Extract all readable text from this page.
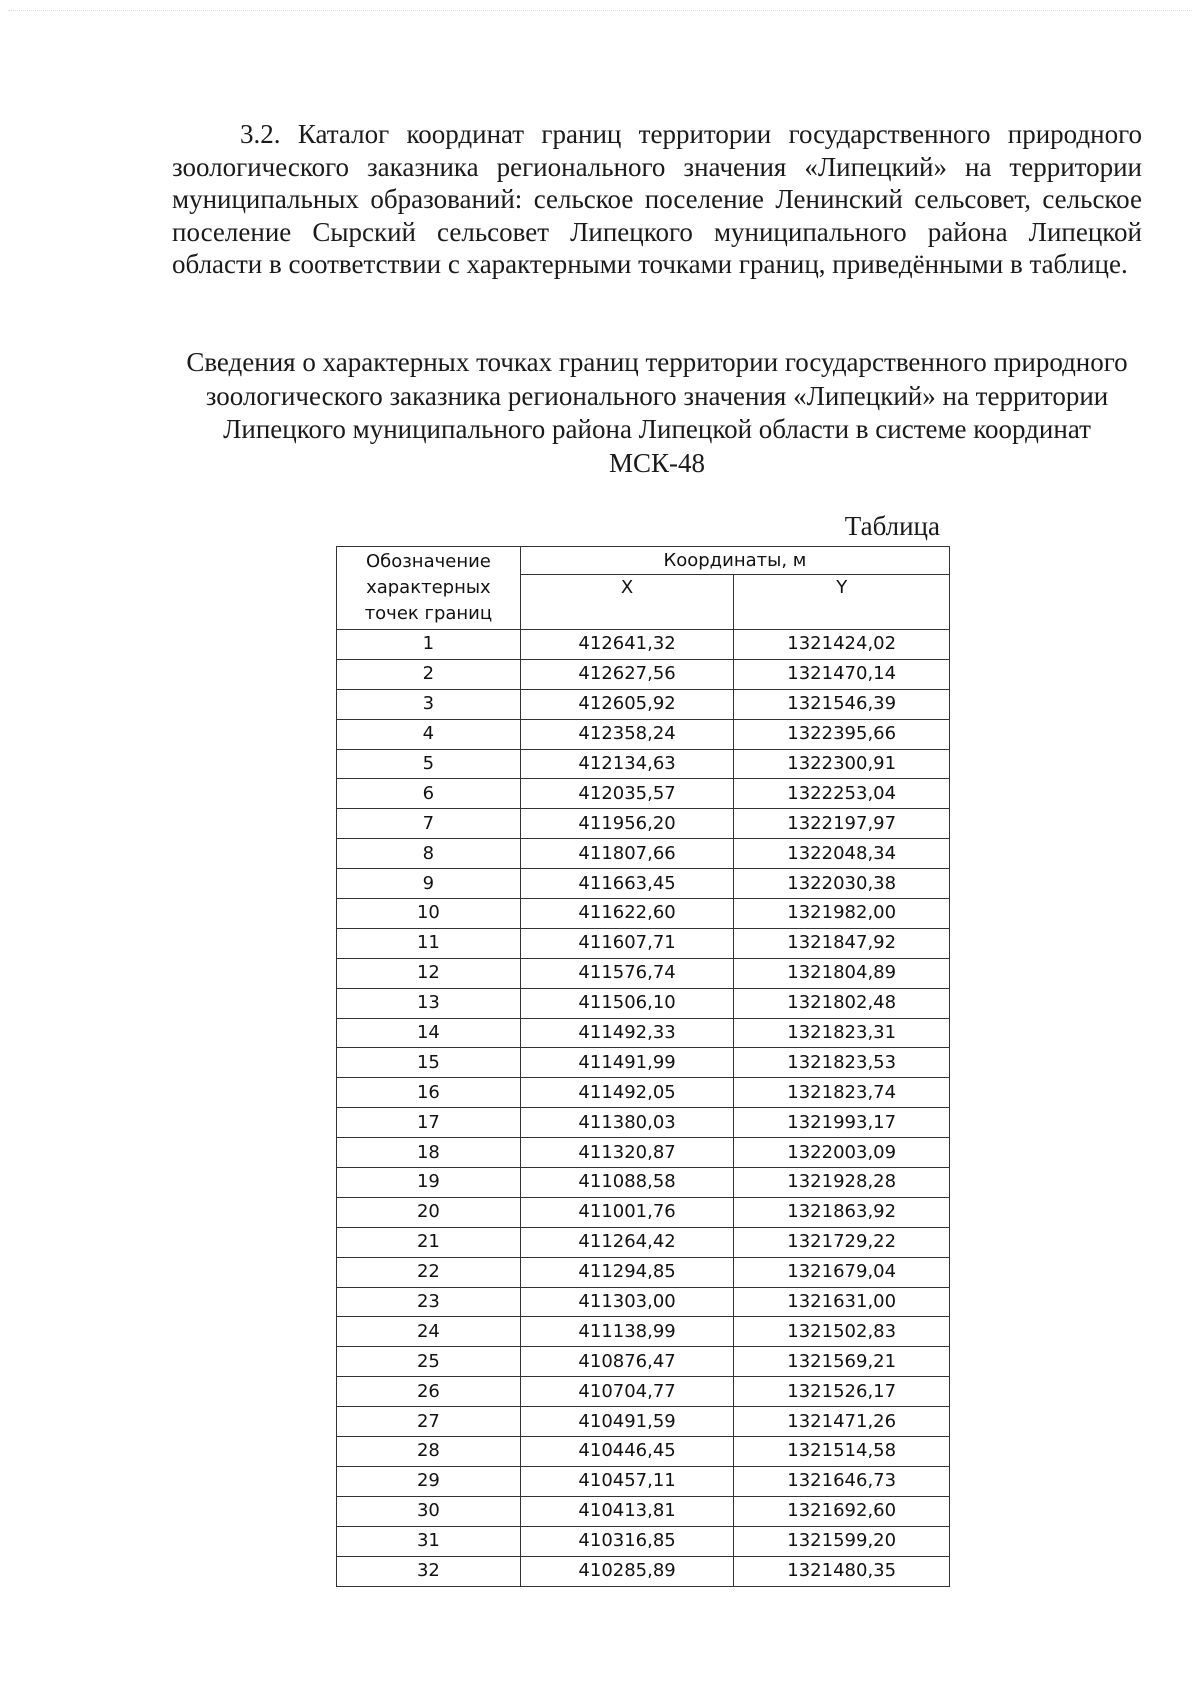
3.2. Каталог координат границ территории государственного природного зоологического заказника регионального значения «Липецкий» на территории муниципальных образований: сельское поселение Ленинский сельсовет, сельское поселение Сырский сельсовет Липецкого муниципального района Липецкой области в соответствии с характерными точками границ, приведёнными в таблице.

Сведения о характерных точках границ территории государственного природного зоологического заказника регионального значения «Липецкий» на территории Липецкого муниципального района Липецкой области в системе координат МСК-48

Таблица
Обозначение характерных точек границ	Координаты, м	
	X	Y
1	412641,32	1321424,02
2	412627,56	1321470,14
3	412605,92	1321546,39
4	412358,24	1322395,66
5	412134,63	1322300,91
6	412035,57	1322253,04
7	411956,20	1322197,97
8	411807,66	1322048,34
9	411663,45	1322030,38
10	411622,60	1321982,00
11	411607,71	1321847,92
12	411576,74	1321804,89
13	411506,10	1321802,48
14	411492,33	1321823,31
15	411491,99	1321823,53
16	411492,05	1321823,74
17	411380,03	1321993,17
18	411320,87	1322003,09
19	411088,58	1321928,28
20	411001,76	1321863,92
21	411264,42	1321729,22
22	411294,85	1321679,04
23	411303,00	1321631,00
24	411138,99	1321502,83
25	410876,47	1321569,21
26	410704,77	1321526,17
27	410491,59	1321471,26
28	410446,45	1321514,58
29	410457,11	1321646,73
30	410413,81	1321692,60
31	410316,85	1321599,20
32	410285,89	1321480,35
